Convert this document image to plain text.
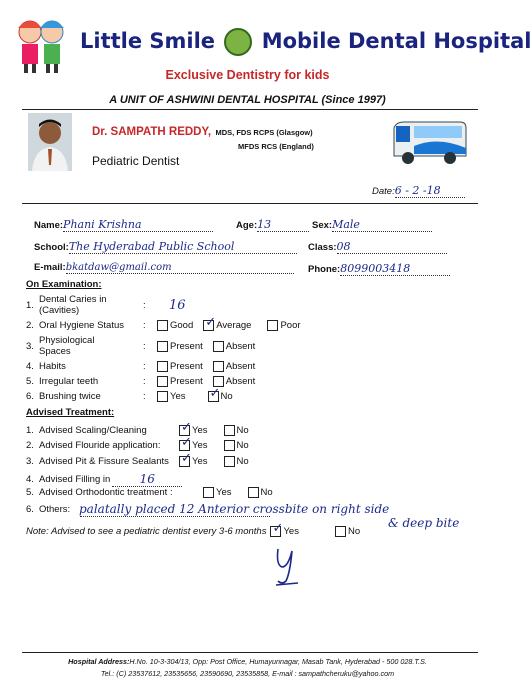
Little Smile Mobile Dental Hospital
Exclusive Dentistry for kids
A UNIT OF ASHWINI DENTAL HOSPITAL (Since 1997)
Dr. SAMPATH REDDY, MDS, FDS RCPS (Glasgow)
MFDS RCS (England)
Pediatric Dentist
Date:6 - 2 -18
Name:Phani Krishna	Age:13	Sex:Male
School:The Hyderabad Public School	Class:08
E-mail:bkatdaw@gmail.com	Phone:8099003418
On Examination:
1. Dental Caries in
(Cavities)	:	16
2. Oral Hygiene Status	:	Good ✓ Average	Poor
3. Physiological
Spaces	:	Present Absent
4. Habits	:	Present Absent
5. Irregular teeth	:	Present Absent
6. Brushing twice	:	Yes ✓ No
Advised Treatment:
1. Advised Scaling/Cleaning	✓ Yes	No
2. Advised Flouride application:	✓ Yes	No
3. Advised Pit & Fissure Sealants ✓ Yes	No
4. Advised Filling in	16
5. Advised Orthodontic treatment :	Yes	No
6. Others: palatally placed 12 Anterior crossbite on right side
& deep bite
Note: Advised to see a pediatric dentist every 3-6 months ✓ Yes	No
Hospital Address:H.No. 10-3-304/13, Opp: Post Office, Humayunnagar, Masab Tank, Hyderabad - 500 028.T.S.
Tel.: (C) 23537612, 23535656, 23590690, 23535858, E-mail : sampathcheruku@yahoo.com
